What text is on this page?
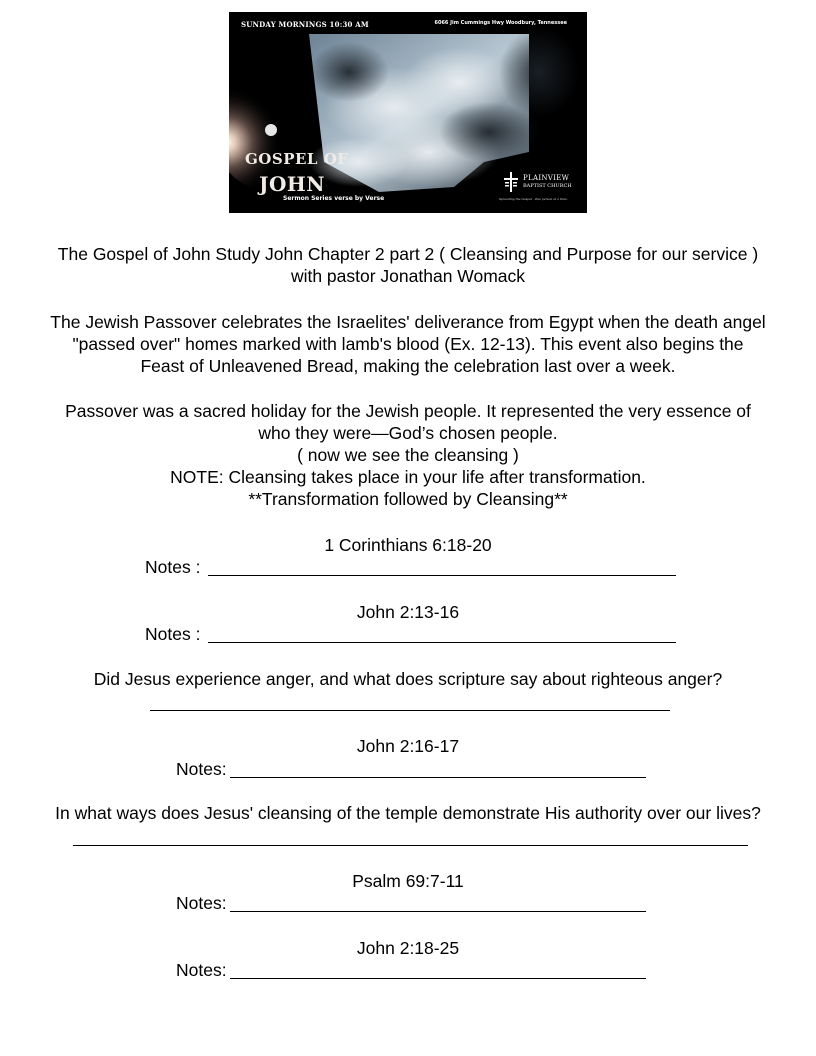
SUNDAY MORNINGS 10:30 AM	6066 Jim Cummings Hwy Woodbury, Tennessee
GOSPEL OF
JOHN
Sermon Series verse by Verse
PLAINVIEW
BAPTIST CHURCH
Spreading the Gospel · One person at a time.
The Gospel of John Study John Chapter 2 part 2 ( Cleansing and Purpose for our service )
with pastor Jonathan Womack
The Jewish Passover celebrates the Israelites' deliverance from Egypt when the death angel
"passed over" homes marked with lamb's blood (Ex. 12-13). This event also begins the
Feast of Unleavened Bread, making the celebration last over a week.
Passover was a sacred holiday for the Jewish people. It represented the very essence of
who they were—God’s chosen people.
( now we see the cleansing )
NOTE: Cleansing takes place in your life after transformation.
**Transformation followed by Cleansing**
1 Corinthians 6:18-20
Notes :
John 2:13-16
Notes :
Did Jesus experience anger, and what does scripture say about righteous anger?
John 2:16-17
Notes:
In what ways does Jesus' cleansing of the temple demonstrate His authority over our lives?
Psalm 69:7-11
Notes:
John 2:18-25
Notes:
